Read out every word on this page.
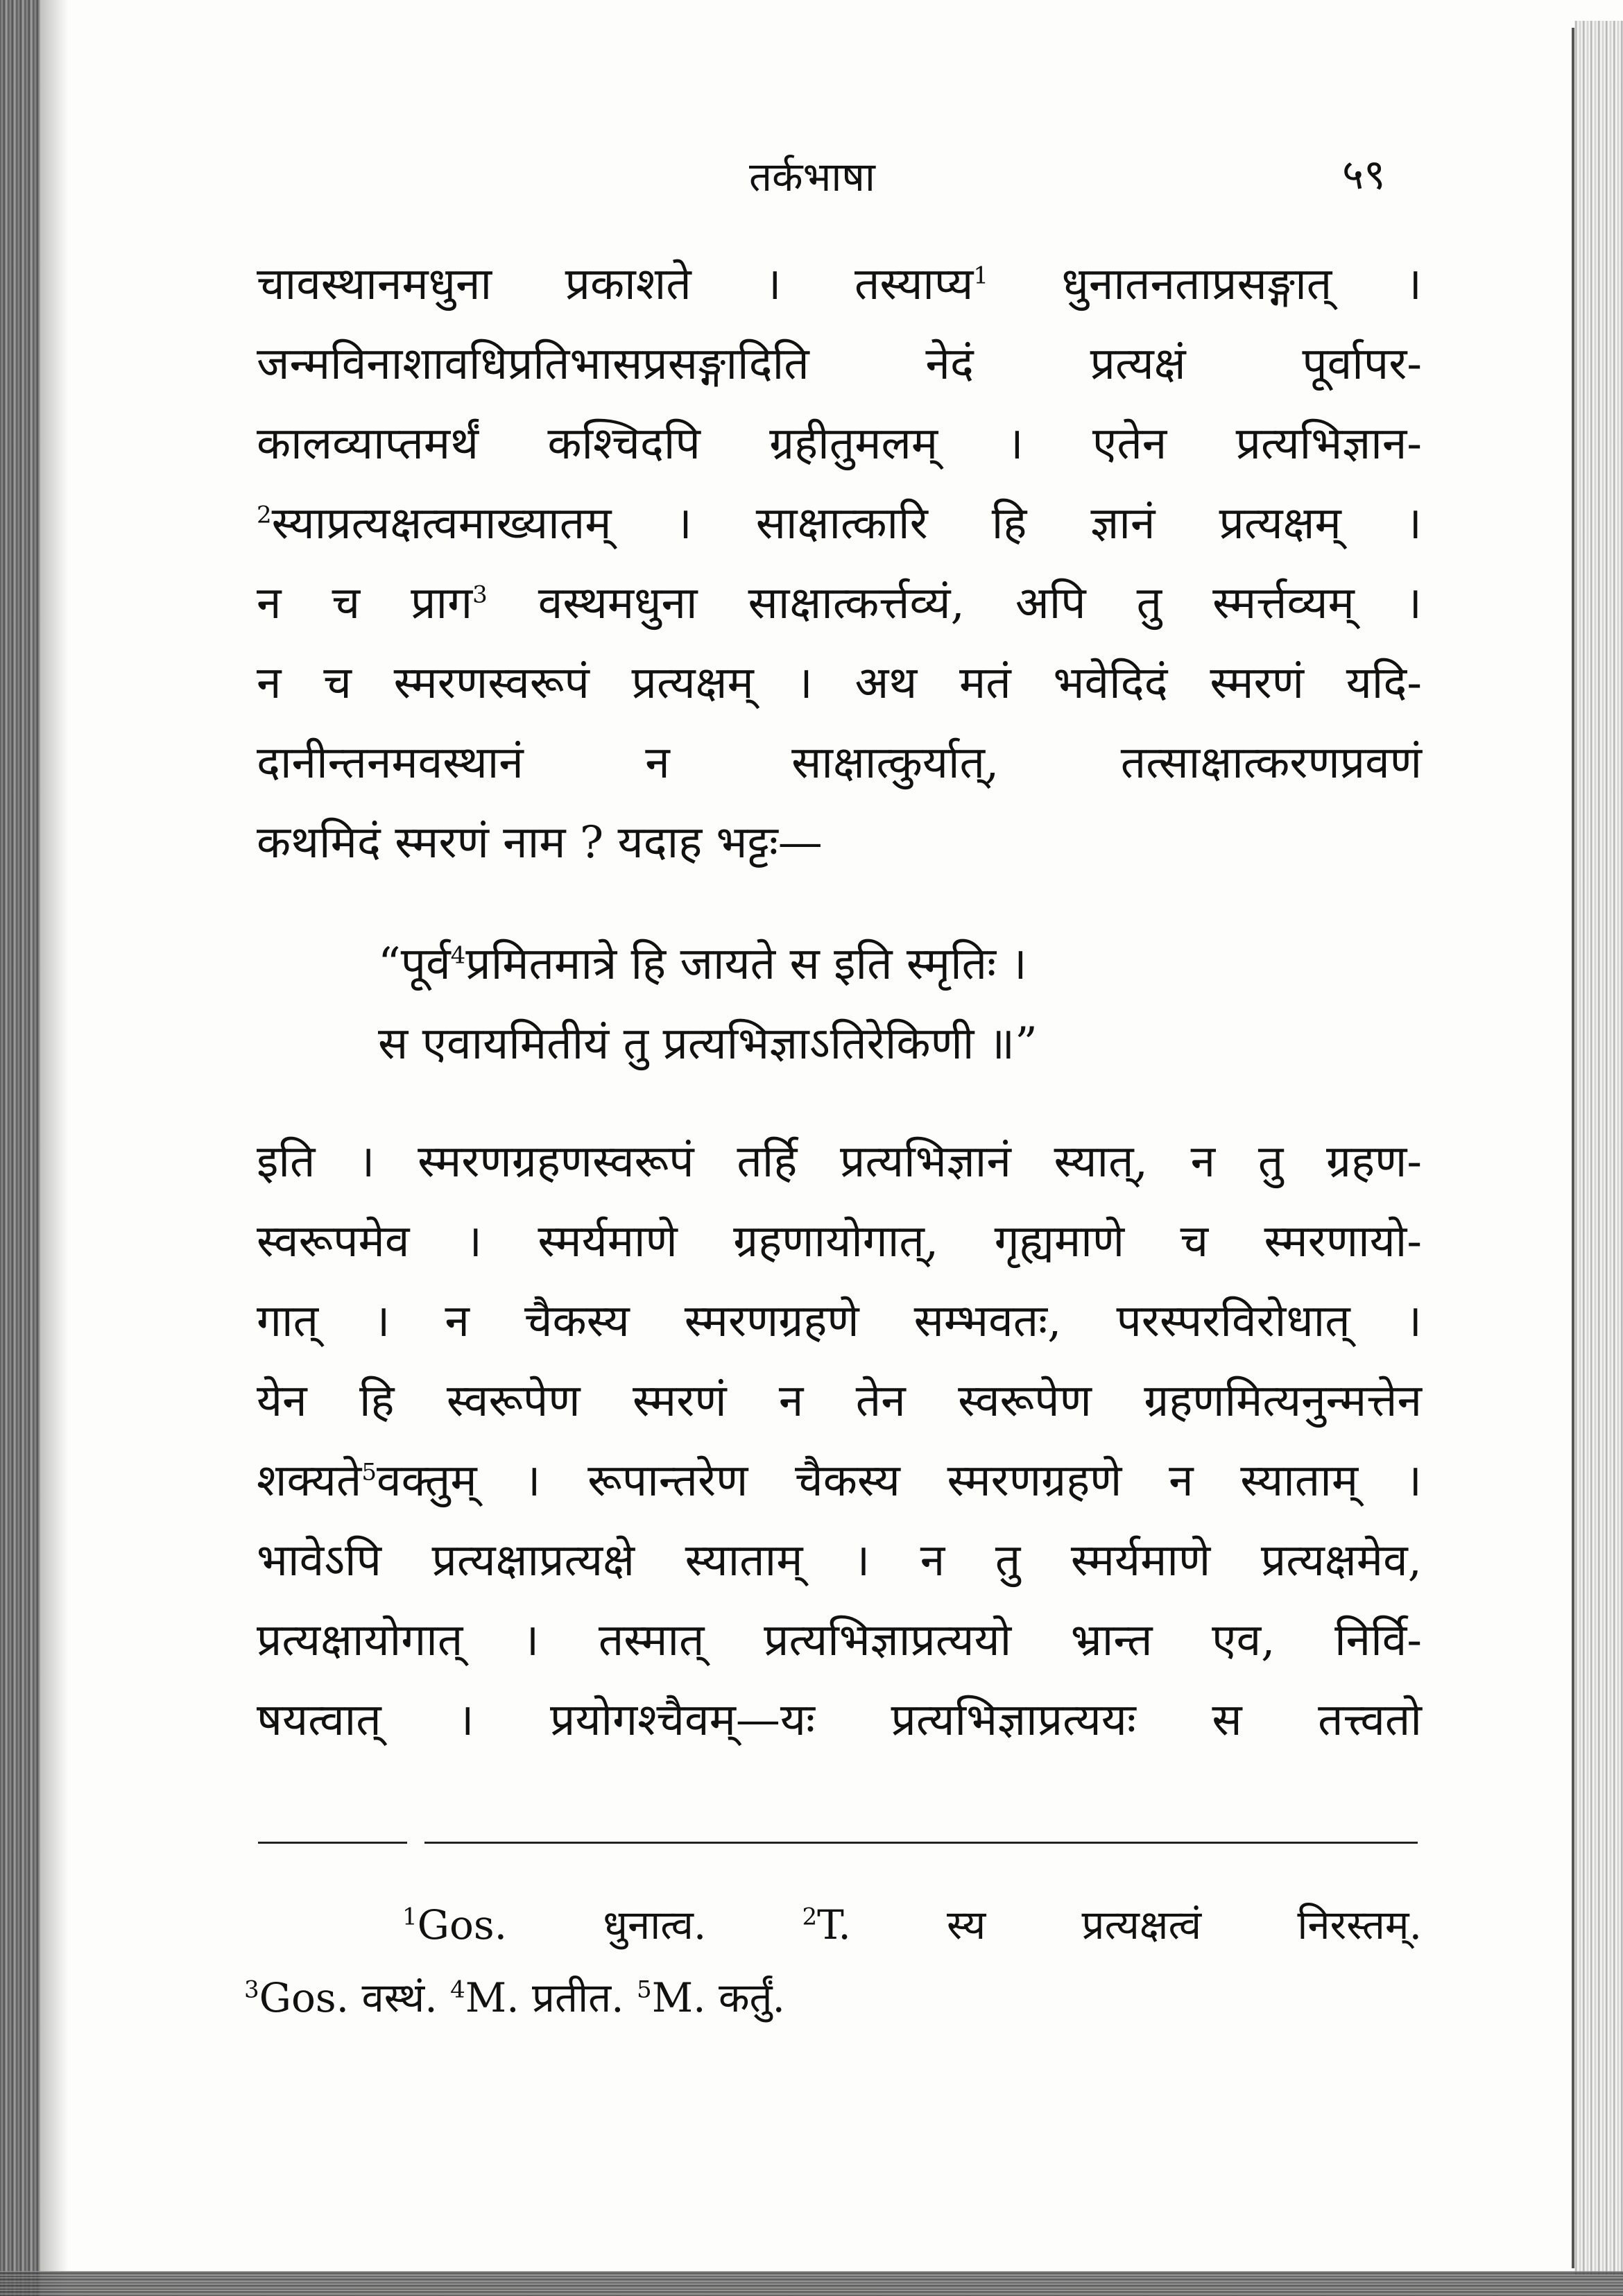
तर्कभाषा	५९
चावस्थानमधुना प्रकाशते । तस्याप्य$^1$ धुनातनताप्रसङ्गात् ।
जन्मविनाशावधिप्रतिभासप्रसङ्गादिति नेदं प्रत्यक्षं पूर्वापर-
कालव्याप्तमर्थं कश्चिदपि ग्रहीतुमलम् । एतेन प्रत्यभिज्ञान-
$^2$स्याप्रत्यक्षत्वमाख्यातम् । साक्षात्कारि हि ज्ञानं प्रत्यक्षम् ।
न च प्राग$^3$ वस्थमधुना साक्षात्कर्त्तव्यं, अपि तु स्मर्त्तव्यम् ।
न च स्मरणस्वरूपं प्रत्यक्षम् । अथ मतं भवेदिदं स्मरणं यदि-
दानीन्तनमवस्थानं न साक्षात्कुर्यात्, तत्साक्षात्करणप्रवणं
कथमिदं स्मरणं नाम ? यदाह भट्टः—
“पूर्व$^4$प्रमितमात्रे हि जायते स इति स्मृतिः ।
स एवायमितीयं तु प्रत्यभिज्ञाऽतिरेकिणी ॥”
इति । स्मरणग्रहणस्वरूपं तर्हि प्रत्यभिज्ञानं स्यात्, न तु ग्रहण-
स्वरूपमेव । स्मर्यमाणे ग्रहणायोगात्, गृह्यमाणे च स्मरणायो-
गात् । न चैकस्य स्मरणग्रहणे सम्भवतः, परस्परविरोधात् ।
येन हि स्वरूपेण स्मरणं न तेन स्वरूपेण ग्रहणमित्यनुन्मत्तेन
शक्यते$^5$वक्तुम् । रूपान्तरेण चैकस्य स्मरणग्रहणे न स्याताम् ।
भावेऽपि प्रत्यक्षाप्रत्यक्षे स्याताम् । न तु स्मर्यमाणे प्रत्यक्षमेव,
प्रत्यक्षायोगात् । तस्मात् प्रत्यभिज्ञाप्रत्ययो भ्रान्त एव, निर्वि-
षयत्वात् । प्रयोगश्चैवम्—यः प्रत्यभिज्ञाप्रत्ययः स तत्त्वतो
$^1$Gos. धुनात्व.	$^2$T. स्य प्रत्यक्षत्वं निरस्तम्.
$^3$Gos. वस्थं. $^4$M. प्रतीत. $^5$M. कर्तुं.
